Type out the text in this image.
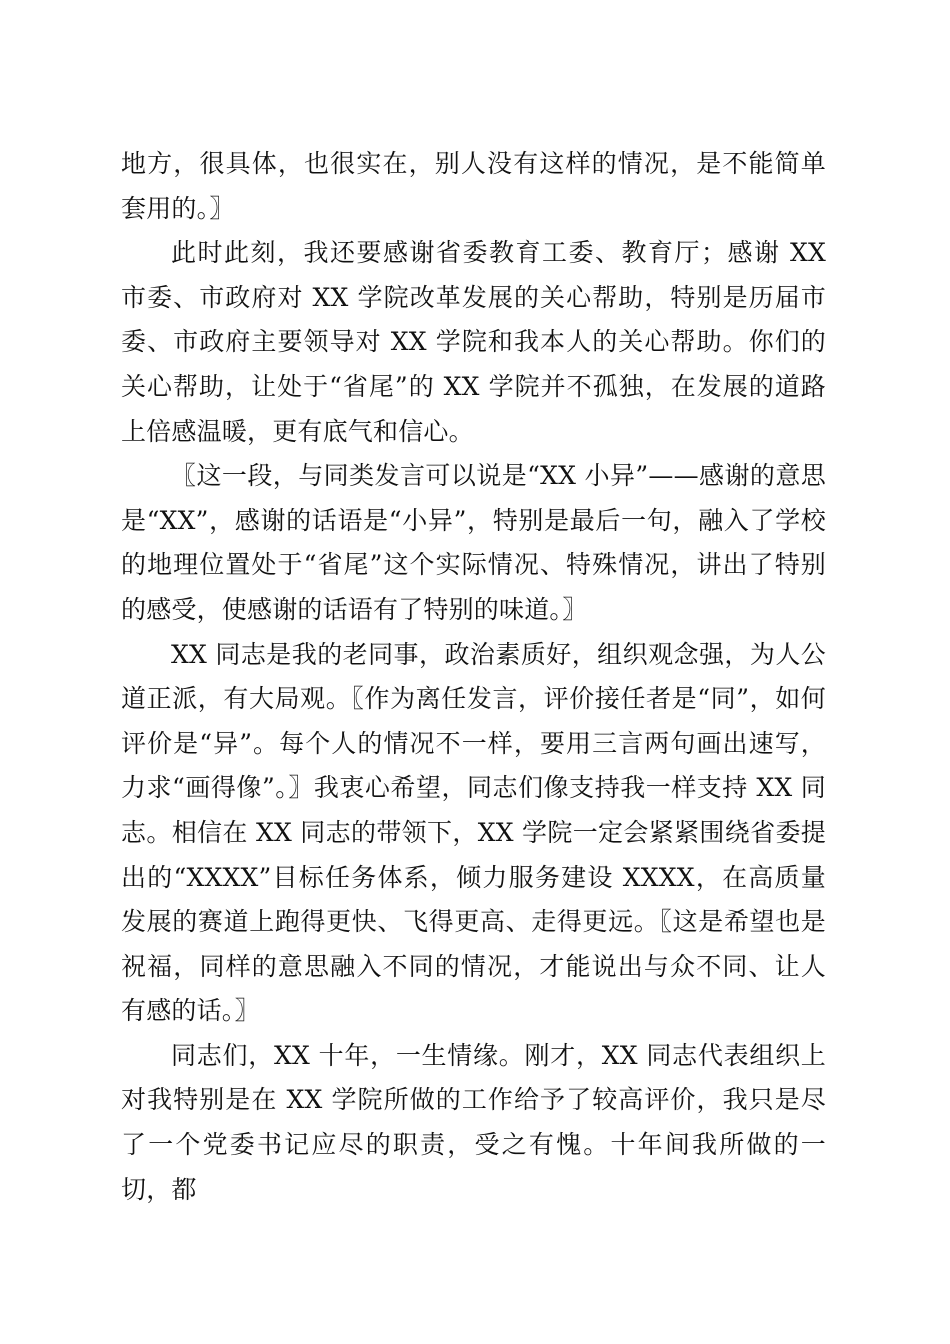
地方，很具体，也很实在，别人没有这样的情况，是不能简单套用的。〗

此时此刻，我还要感谢省委教育工委、教育厅；感谢 XX 市委、市政府对 XX 学院改革发展的关心帮助，特别是历届市委、市政府主要领导对 XX 学院和我本人的关心帮助。你们的关心帮助，让处于“省尾”的 XX 学院并不孤独，在发展的道路上倍感温暖，更有底气和信心。

〖这一段，与同类发言可以说是“XX 小异”——感谢的意思是“XX”，感谢的话语是“小异”，特别是最后一句，融入了学校的地理位置处于“省尾”这个实际情况、特殊情况，讲出了特别的感受，使感谢的话语有了特别的味道。〗

XX 同志是我的老同事，政治素质好，组织观念强，为人公道正派，有大局观。〖作为离任发言，评价接任者是“同”，如何评价是“异”。每个人的情况不一样，要用三言两句画出速写，力求“画得像”。〗我衷心希望，同志们像支持我一样支持 XX 同志。相信在 XX 同志的带领下，XX 学院一定会紧紧围绕省委提出的“XXXX”目标任务体系，倾力服务建设 XXXX，在高质量发展的赛道上跑得更快、飞得更高、走得更远。〖这是希望也是祝福，同样的意思融入不同的情况，才能说出与众不同、让人有感的话。〗

同志们，XX 十年，一生情缘。刚才，XX 同志代表组织上对我特别是在 XX 学院所做的工作给予了较高评价，我只是尽了一个党委书记应尽的职责，受之有愧。十年间我所做的一切，都
